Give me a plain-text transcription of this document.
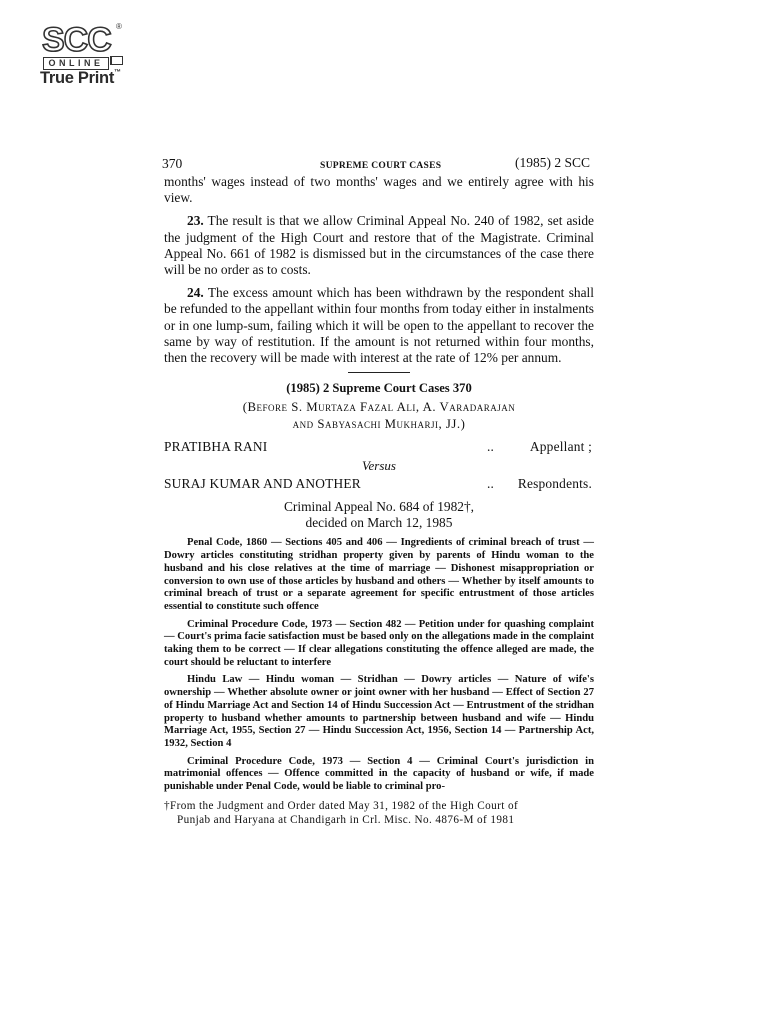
SCC ®
ONLINE
True Print™
370	SUPREME COURT CASES	(1985) 2 SCC

months' wages instead of two months' wages and we entirely agree with his view.

23. The result is that we allow Criminal Appeal No. 240 of 1982, set aside the judgment of the High Court and restore that of the Magistrate. Criminal Appeal No. 661 of 1982 is dismissed but in the circumstances of the case there will be no order as to costs.

24. The excess amount which has been withdrawn by the respondent shall be refunded to the appellant within four months from today either in instalments or in one lump-sum, failing which it will be open to the appellant to recover the same by way of restitution. If the amount is not returned within four months, then the recovery will be made with interest at the rate of 12% per annum.

(1985) 2 Supreme Court Cases 370
(Before S. Murtaza Fazal Ali, A. Varadarajan
and Sabyasachi Mukharji, JJ.)
PRATIBHA RANI	..	Appellant ;
Versus
SURAJ KUMAR AND ANOTHER	.. Respondents.
Criminal Appeal No. 684 of 1982†,
decided on March 12, 1985

Penal Code, 1860 — Sections 405 and 406 — Ingredients of criminal breach of trust — Dowry articles constituting stridhan property given by parents of Hindu woman to the husband and his close relatives at the time of marriage — Dishonest misappropriation or conversion to own use of those articles by husband and others — Whether by itself amounts to criminal breach of trust or a separate agreement for specific entrustment of those articles essential to constitute such offence

Criminal Procedure Code, 1973 — Section 482 — Petition under for quashing complaint — Court's prima facie satisfaction must be based only on the allegations made in the complaint taking them to be correct — If clear allegations constituting the offence alleged are made, the court should be reluctant to interfere

Hindu Law — Hindu woman — Stridhan — Dowry articles — Nature of wife's ownership — Whether absolute owner or joint owner with her husband — Effect of Section 27 of Hindu Marriage Act and Section 14 of Hindu Succession Act — Entrustment of the stridhan property to husband whether amounts to partnership between husband and wife — Hindu Marriage Act, 1955, Section 27 — Hindu Succession Act, 1956, Section 14 — Partnership Act, 1932, Section 4

Criminal Procedure Code, 1973 — Section 4 — Criminal Court's jurisdiction in matrimonial offences — Offence committed in the capacity of husband or wife, if made punishable under Penal Code, would be liable to criminal pro-

†From the Judgment and Order dated May 31, 1982 of the High Court of
Punjab and Haryana at Chandigarh in Crl. Misc. No. 4876-M of 1981
